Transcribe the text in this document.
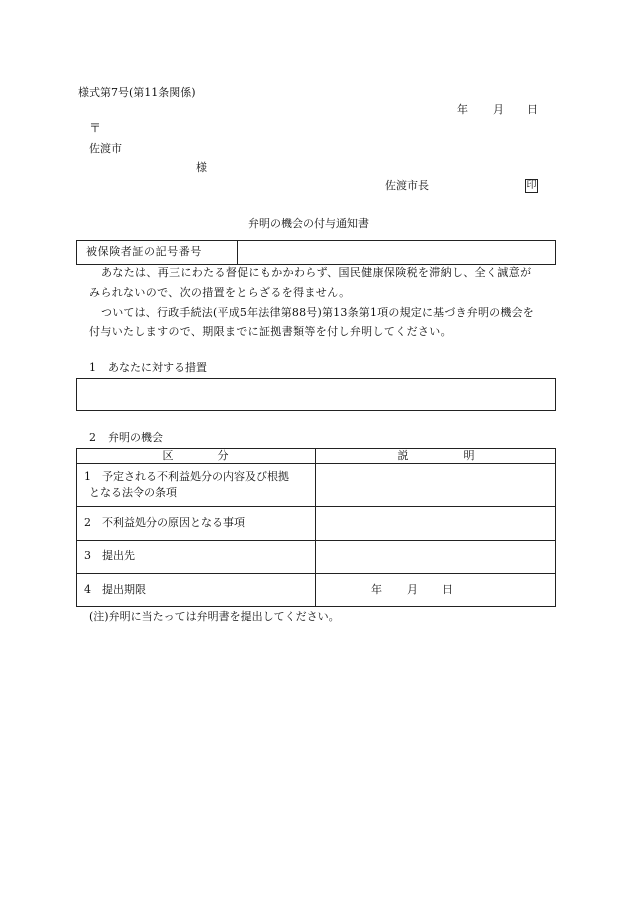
様式第7号(第11条関係)
年 月 日
〒
佐渡市
様
佐渡市長	印
弁明の機会の付与通知書
被保険者証の記号番号
あなたは、再三にわたる督促にもかかわらず、国民健康保険税を滞納し、全く誠意が
みられないので、次の措置をとらざるを得ません。
ついては、行政手続法(平成5年法律第88号)第13条第1項の規定に基づき弁明の機会を
付与いたしますので、期限までに証拠書類等を付し弁明してください。
1 あなたに対する措置
2 弁明の機会
区　　　　分	説　　　　　明
1 予定される不利益処分の内容及び根拠
となる法令の条項
2 不利益処分の原因となる事項
3 提出先
4 提出期限	年 月 日
(注)弁明に当たっては弁明書を提出してください。
